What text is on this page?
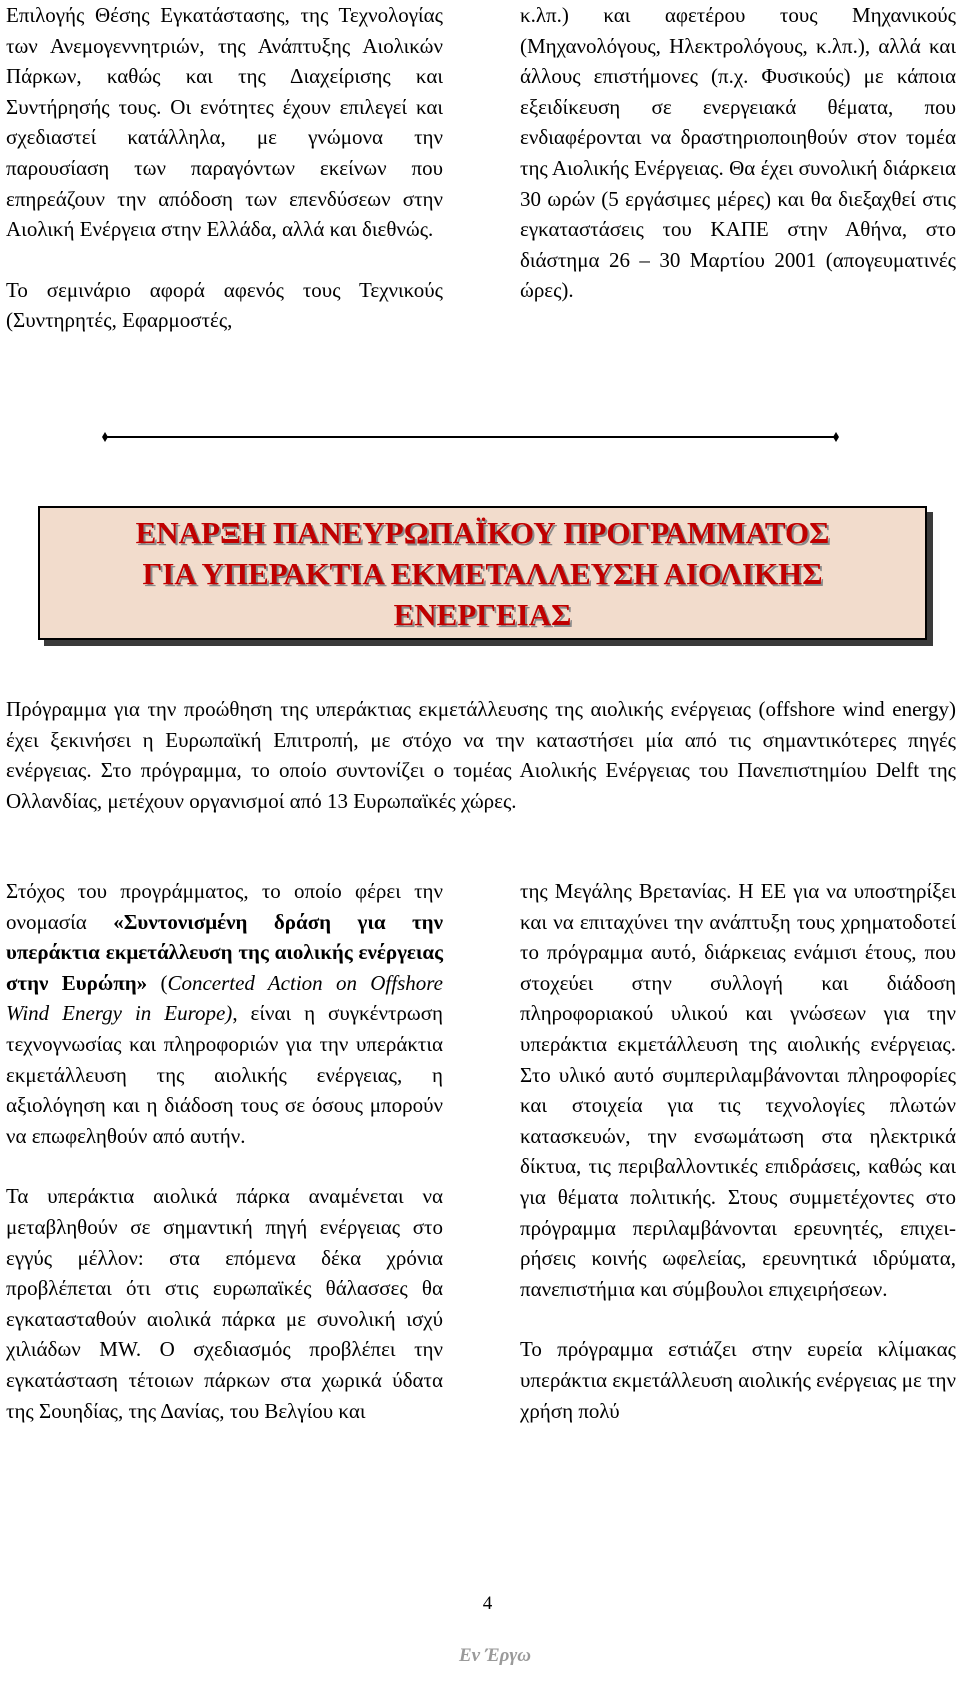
Επιλογής Θέσης Εγκατάστασης, της Τεχνολογίας των Ανεμογεννητριών, της Ανάπτυξης Αιολικών Πάρκων, καθώς και της Διαχείρισης και Συντήρησής τους. Οι ενότητες έχουν επιλεγεί και σχεδιαστεί κατάλληλα, με γνώμονα την παρουσίαση των παραγόντων εκείνων που επηρεάζουν την απόδοση των επενδύσεων στην Αιολική Ενέργεια στην Ελλάδα, αλλά και διεθνώς.

Το σεμινάριο αφορά αφενός τους Τεχνικούς (Συντηρητές, Εφαρμοστές,

κ.λπ.) και αφετέρου τους Μηχανικούς (Μηχανολόγους, Ηλεκτρολόγους, κ.λπ.), αλλά και άλλους επιστήμονες (π.χ. Φυσικούς) με κάποια εξειδίκευση σε ενεργειακά θέματα, που ενδιαφέρονται να δραστηριοποιηθούν στον τομέα της Αιολικής Ενέργειας. Θα έχει συνολική διάρκεια 30 ωρών (5 εργάσιμες μέρες) και θα διεξαχθεί στις εγκαταστάσεις του ΚΑΠΕ στην Αθήνα, στο διάστημα 26 – 30 Μαρτίου 2001 (απογευματινές ώρες).

ΕΝΑΡΞΗ ΠΑΝΕΥΡΩΠΑΪΚΟΥ ΠΡΟΓΡΑΜΜΑΤΟΣ
ΓΙΑ ΥΠΕΡΑΚΤΙΑ ΕΚΜΕΤΑΛΛΕΥΣΗ ΑΙΟΛΙΚΗΣ
ΕΝΕΡΓΕΙΑΣ

Πρόγραμμα για την προώθηση της υπεράκτιας εκμετάλλευσης της αιολικής ενέργειας (offshore wind energy) έχει ξεκινήσει η Ευρωπαϊκή Επιτροπή, με στόχο να την καταστήσει μία από τις σημαντικότερες πηγές ενέργειας. Στο πρόγραμμα, το οποίο συντονίζει ο τομέας Αιολικής Ενέργειας του Πανεπιστημίου Delft της Ολλανδίας, μετέχουν οργανισμοί από 13 Ευρωπαϊκές χώρες.

Στόχος του προγράμματος, το οποίο φέρει την ονομασία «Συντονισμένη δράση για την υπεράκτια εκμετάλλευση της αιολικής ενέργειας στην Ευρώπη» (Concerted Action on Offshore Wind Energy in Europe), είναι η συγκέντρωση τεχνογνωσίας και πληροφοριών για την υπεράκτια εκμετάλλευση της αιολικής ενέργειας, η αξιολόγηση και η διάδοση τους σε όσους μπορούν να επωφεληθούν από αυτήν.

Τα υπεράκτια αιολικά πάρκα αναμένεται να μεταβληθούν σε σημαντική πηγή ενέργειας στο εγγύς μέλλον: στα επόμενα δέκα χρόνια προβλέπεται ότι στις ευρωπαϊκές θάλασσες θα εγκατασταθούν αιολικά πάρκα με συνολική ισχύ χιλιάδων MW. Ο σχεδιασμός προβλέπει την εγκατάσταση τέτοιων πάρκων στα χωρικά ύδατα της Σουηδίας, της Δανίας, του Βελγίου και

της Μεγάλης Βρετανίας. Η ΕΕ για να υποστηρίξει και να επιταχύνει την ανάπτυξη τους χρηματοδοτεί το πρόγραμμα αυτό, διάρκειας ενάμισι έτους, που στοχεύει στην συλλογή και διάδοση πληροφοριακού υλικού και γνώσεων για την υπεράκτια εκμετάλλευση της αιολικής ενέργειας. Στο υλικό αυτό συμπεριλαμβάνονται πληροφορίες και στοιχεία για τις τεχνολογίες πλωτών κατασκευών, την ενσωμάτωση στα ηλεκτρικά δίκτυα, τις περιβαλλοντικές επιδράσεις, καθώς και για θέματα πολιτικής. Στους συμμετέχοντες στο πρόγραμμα περιλαμβάνονται ερευνητές, επιχει-ρήσεις κοινής ωφελείας, ερευνητικά ιδρύματα, πανεπιστήμια και σύμβουλοι επιχειρήσεων.

Το πρόγραμμα εστιάζει στην ευρεία κλίμακας υπεράκτια εκμετάλλευση αιολικής ενέργειας με την χρήση πολύ

4
Εν Έργω
